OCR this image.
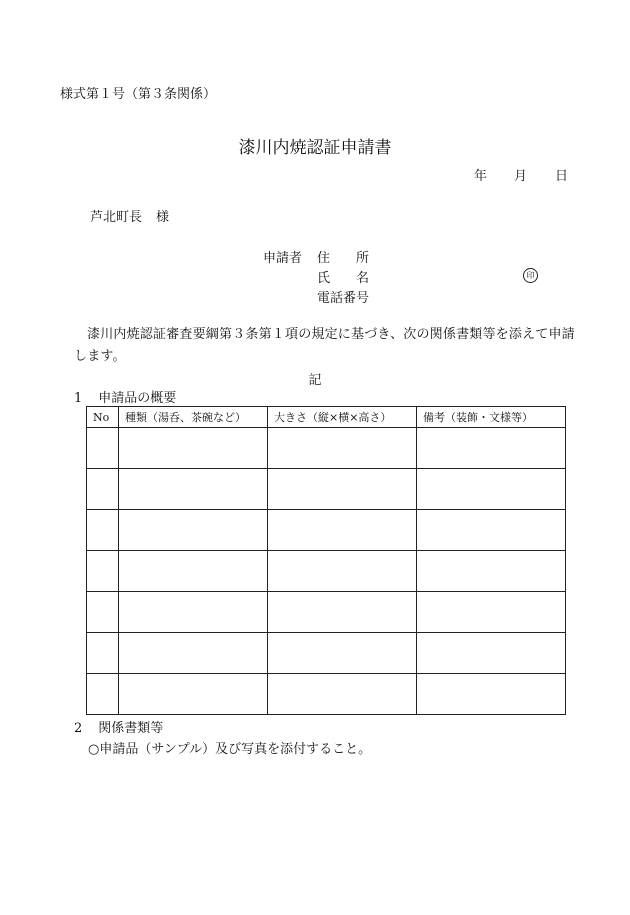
様式第１号（第３条関係）
漆川内焼認証申請書
年 月 日
芦北町長 様
申請者 住　　所
氏　　名
電話番号
印
漆川内焼認証審査要綱第３条第１項の規定に基づき、次の関係書類等を添えて申請します。
記
1 申請品の概要
No	種類（湯呑、茶碗など）	大きさ（縦×横×高さ）	備考（装飾・文様等）

2 関係書類等
○申請品（サンプル）及び写真を添付すること。
